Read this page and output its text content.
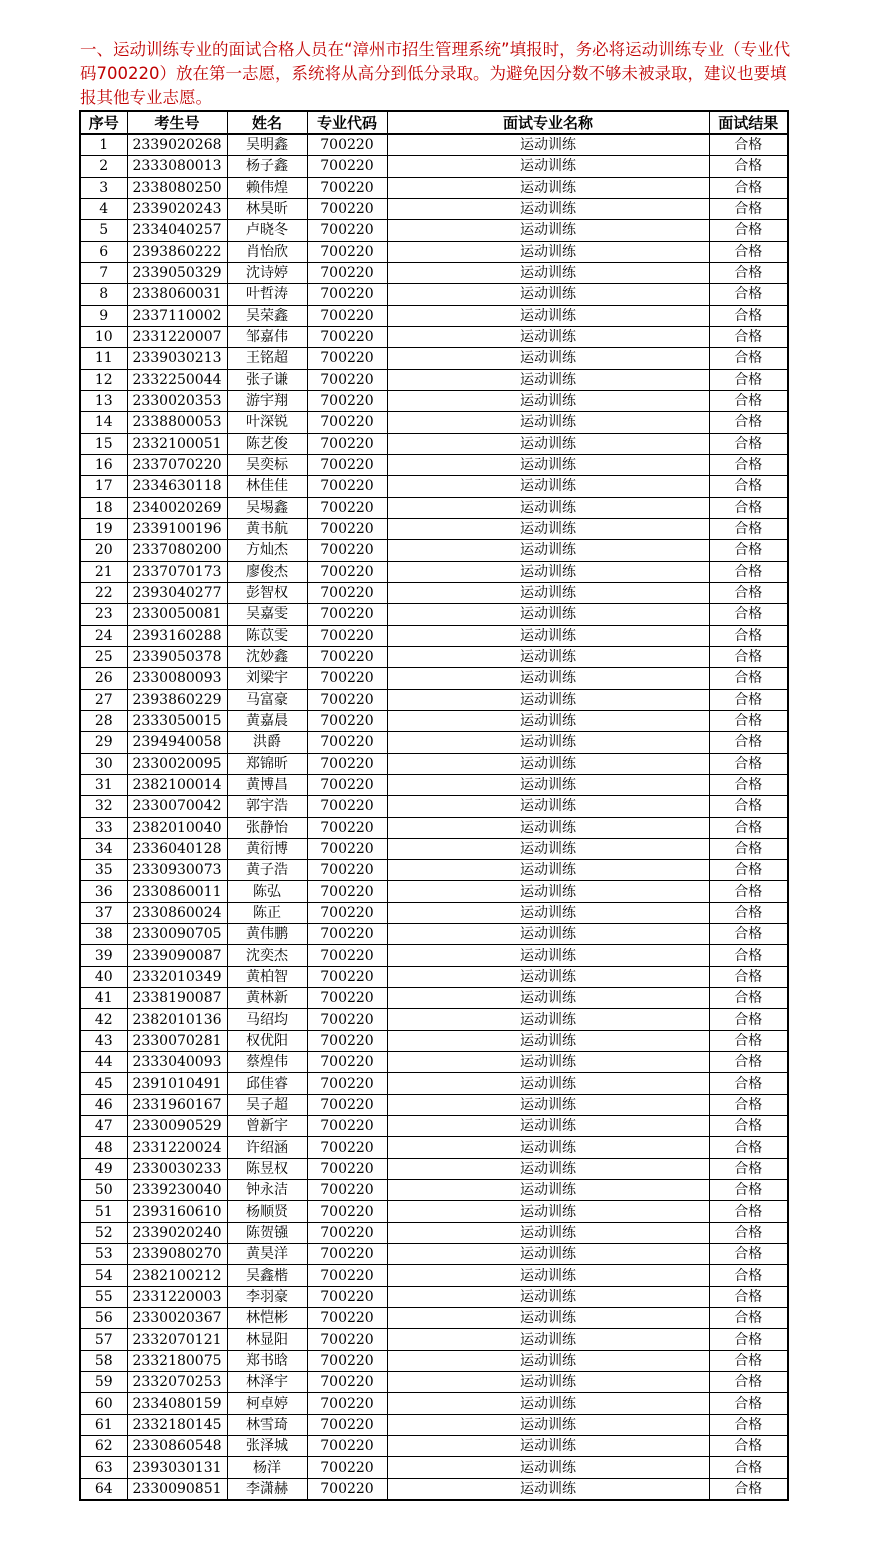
一、运动训练专业的面试合格人员在“漳州市招生管理系统”填报时，务必将运动训练专业（专业代码700220）放在第一志愿，系统将从高分到低分录取。为避免因分数不够未被录取，建议也要填报其他专业志愿。
序号	考生号	姓名	专业代码	面试专业名称	面试结果
1	2339020268	吴明鑫	700220	运动训练	合格
2	2333080013	杨子鑫	700220	运动训练	合格
3	2338080250	赖伟煌	700220	运动训练	合格
4	2339020243	林昊昕	700220	运动训练	合格
5	2334040257	卢晓冬	700220	运动训练	合格
6	2393860222	肖怡欣	700220	运动训练	合格
7	2339050329	沈诗婷	700220	运动训练	合格
8	2338060031	叶哲涛	700220	运动训练	合格
9	2337110002	吴荣鑫	700220	运动训练	合格
10	2331220007	邹嘉伟	700220	运动训练	合格
11	2339030213	王铭超	700220	运动训练	合格
12	2332250044	张子谦	700220	运动训练	合格
13	2330020353	游宇翔	700220	运动训练	合格
14	2338800053	叶深锐	700220	运动训练	合格
15	2332100051	陈艺俊	700220	运动训练	合格
16	2337070220	吴奕标	700220	运动训练	合格
17	2334630118	林佳佳	700220	运动训练	合格
18	2340020269	吴埸鑫	700220	运动训练	合格
19	2339100196	黄书航	700220	运动训练	合格
20	2337080200	方灿杰	700220	运动训练	合格
21	2337070173	廖俊杰	700220	运动训练	合格
22	2393040277	彭智权	700220	运动训练	合格
23	2330050081	吴嘉雯	700220	运动训练	合格
24	2393160288	陈苡雯	700220	运动训练	合格
25	2339050378	沈妙鑫	700220	运动训练	合格
26	2330080093	刘梁宇	700220	运动训练	合格
27	2393860229	马富豪	700220	运动训练	合格
28	2333050015	黄嘉晨	700220	运动训练	合格
29	2394940058	洪爵	700220	运动训练	合格
30	2330020095	郑锦昕	700220	运动训练	合格
31	2382100014	黄博昌	700220	运动训练	合格
32	2330070042	郭宇浩	700220	运动训练	合格
33	2382010040	张静怡	700220	运动训练	合格
34	2336040128	黄衍博	700220	运动训练	合格
35	2330930073	黄子浩	700220	运动训练	合格
36	2330860011	陈弘	700220	运动训练	合格
37	2330860024	陈正	700220	运动训练	合格
38	2330090705	黄伟鹏	700220	运动训练	合格
39	2339090087	沈奕杰	700220	运动训练	合格
40	2332010349	黄柏智	700220	运动训练	合格
41	2338190087	黄林新	700220	运动训练	合格
42	2382010136	马绍均	700220	运动训练	合格
43	2330070281	权优阳	700220	运动训练	合格
44	2333040093	蔡煌伟	700220	运动训练	合格
45	2391010491	邱佳睿	700220	运动训练	合格
46	2331960167	吴子超	700220	运动训练	合格
47	2330090529	曾新宇	700220	运动训练	合格
48	2331220024	许绍涵	700220	运动训练	合格
49	2330030233	陈昱权	700220	运动训练	合格
50	2339230040	钟永洁	700220	运动训练	合格
51	2393160610	杨顺贤	700220	运动训练	合格
52	2339020240	陈贺镪	700220	运动训练	合格
53	2339080270	黄昊洋	700220	运动训练	合格
54	2382100212	吴鑫楷	700220	运动训练	合格
55	2331220003	李羽豪	700220	运动训练	合格
56	2330020367	林恺彬	700220	运动训练	合格
57	2332070121	林显阳	700220	运动训练	合格
58	2332180075	郑书晗	700220	运动训练	合格
59	2332070253	林泽宇	700220	运动训练	合格
60	2334080159	柯卓婷	700220	运动训练	合格
61	2332180145	林雪琦	700220	运动训练	合格
62	2330860548	张泽城	700220	运动训练	合格
63	2393030131	杨洋	700220	运动训练	合格
64	2330090851	李潇赫	700220	运动训练	合格
